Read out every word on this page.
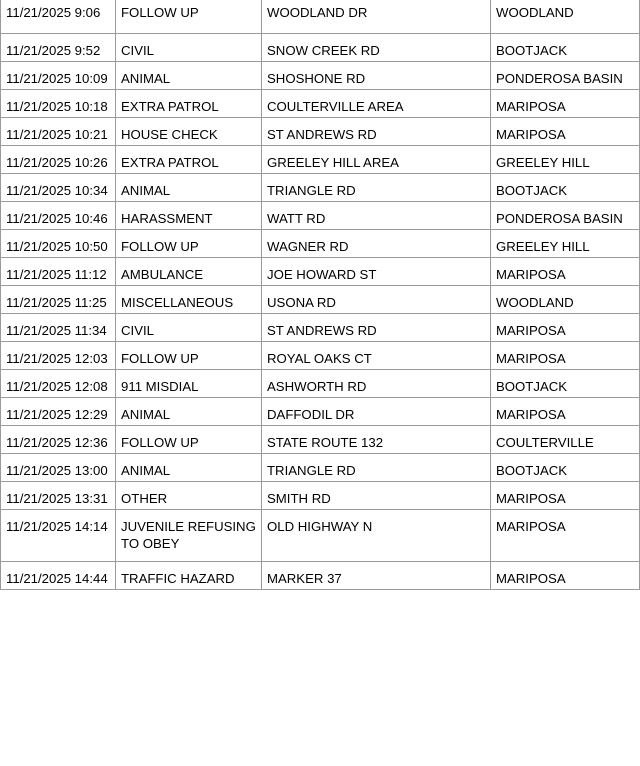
11/21/2025 9:06	FOLLOW UP	WOODLAND DR	WOODLAND
11/21/2025 9:52	CIVIL	SNOW CREEK RD	BOOTJACK
11/21/2025 10:09	ANIMAL	SHOSHONE RD	PONDEROSA BASIN
11/21/2025 10:18	EXTRA PATROL	COULTERVILLE AREA	MARIPOSA
11/21/2025 10:21	HOUSE CHECK	ST ANDREWS RD	MARIPOSA
11/21/2025 10:26	EXTRA PATROL	GREELEY HILL AREA	GREELEY HILL
11/21/2025 10:34	ANIMAL	TRIANGLE RD	BOOTJACK
11/21/2025 10:46	HARASSMENT	WATT RD	PONDEROSA BASIN
11/21/2025 10:50	FOLLOW UP	WAGNER RD	GREELEY HILL
11/21/2025 11:12	AMBULANCE	JOE HOWARD ST	MARIPOSA
11/21/2025 11:25	MISCELLANEOUS	USONA RD	WOODLAND
11/21/2025 11:34	CIVIL	ST ANDREWS RD	MARIPOSA
11/21/2025 12:03	FOLLOW UP	ROYAL OAKS CT	MARIPOSA
11/21/2025 12:08	911 MISDIAL	ASHWORTH RD	BOOTJACK
11/21/2025 12:29	ANIMAL	DAFFODIL DR	MARIPOSA
11/21/2025 12:36	FOLLOW UP	STATE ROUTE 132	COULTERVILLE
11/21/2025 13:00	ANIMAL	TRIANGLE RD	BOOTJACK
11/21/2025 13:31	OTHER	SMITH RD	MARIPOSA
11/21/2025 14:14	JUVENILE REFUSING TO OBEY	OLD HIGHWAY N	MARIPOSA
11/21/2025 14:44	TRAFFIC HAZARD	MARKER 37	MARIPOSA
